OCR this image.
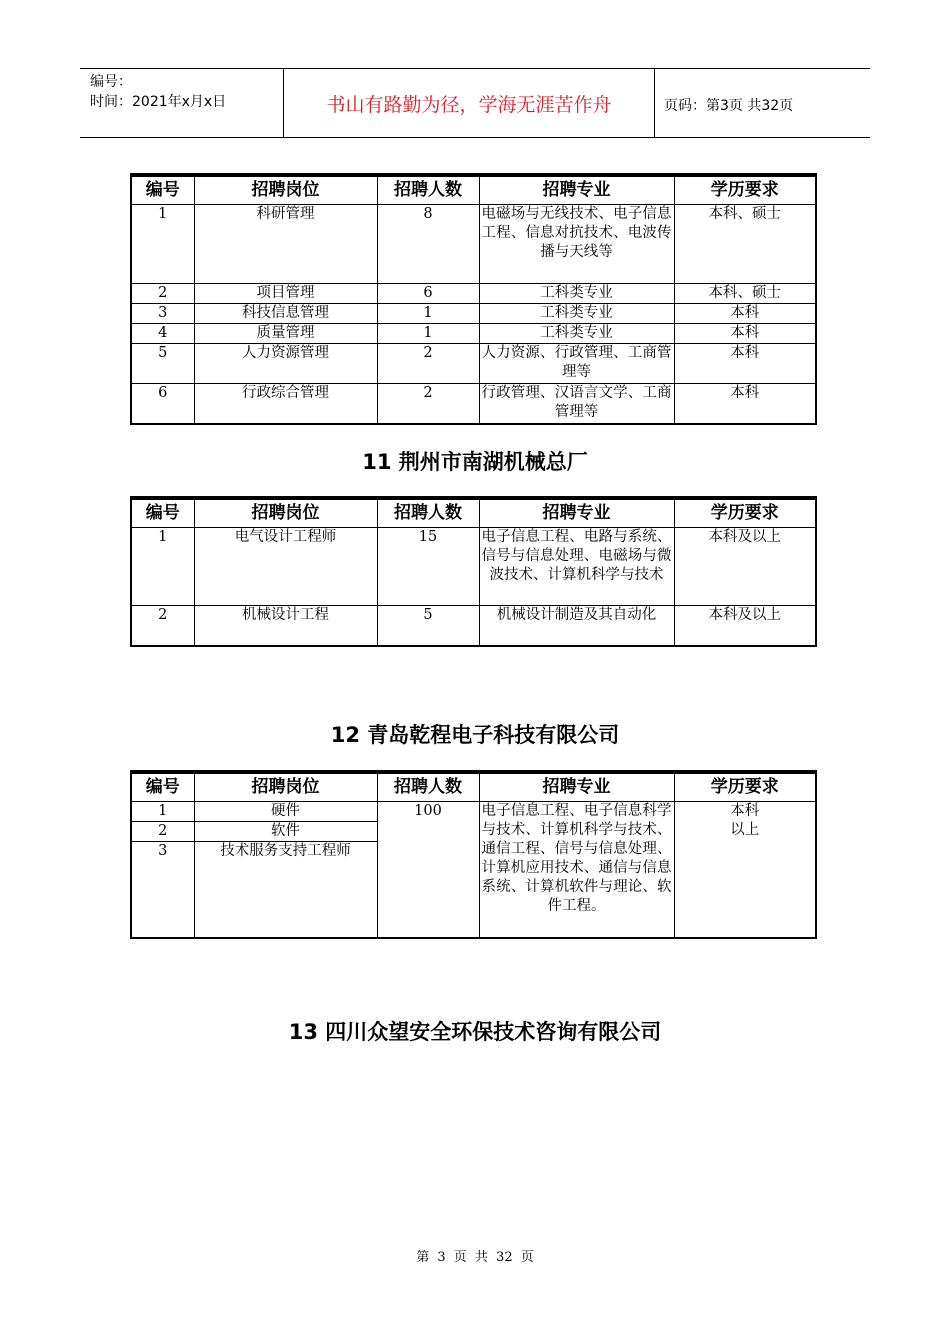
编号：
时间：2021年x月x日	书山有路勤为径，学海无涯苦作舟	页码：第3页 共32页
编号	招聘岗位	招聘人数	招聘专业	学历要求
1	科研管理	8	电磁场与无线技术、电子信息工程、信息对抗技术、电波传播与天线等	本科、硕士
2	项目管理	6	工科类专业	本科、硕士
3	科技信息管理	1	工科类专业	本科
4	质量管理	1	工科类专业	本科
5	人力资源管理	2	人力资源、行政管理、工商管理等	本科
6	行政综合管理	2	行政管理、汉语言文学、工商管理等	本科
11 荆州市南湖机械总厂
编号	招聘岗位	招聘人数	招聘专业	学历要求
1	电气设计工程师	15	电子信息工程、电路与系统、信号与信息处理、电磁场与微波技术、计算机科学与技术	本科及以上
2	机械设计工程	5	机械设计制造及其自动化	本科及以上
12 青岛乾程电子科技有限公司
编号	招聘岗位	招聘人数	招聘专业	学历要求
1	硬件	100	电子信息工程、电子信息科学与技术、计算机科学与技术、通信工程、信号与信息处理、计算机应用技术、通信与信息系统、计算机软件与理论、软件工程。	本科以上
2	软件			
3	技术服务支持工程师			
13 四川众望安全环保技术咨询有限公司
第 3 页 共 32 页
